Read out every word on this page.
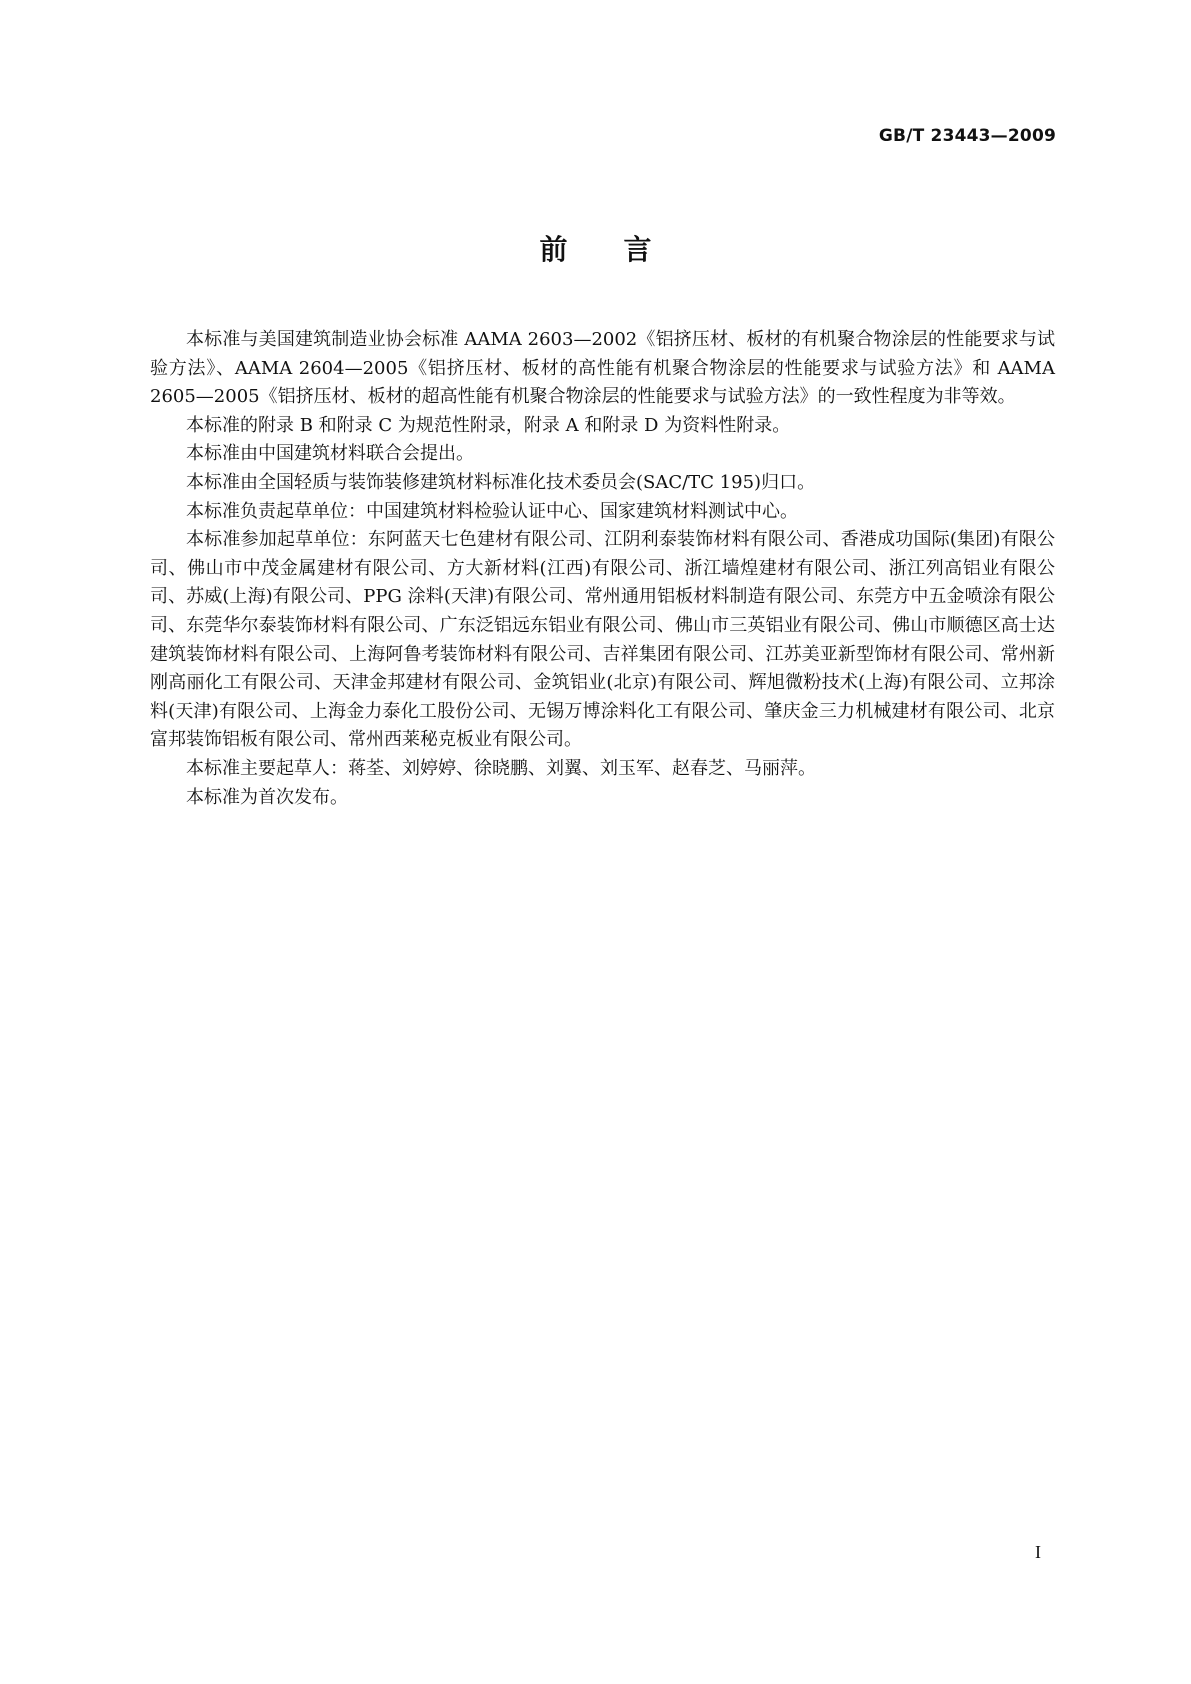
GB/T 23443—2009
前言

本标准与美国建筑制造业协会标准 AAMA 2603—2002《铝挤压材、板材的有机聚合物涂层的性能要求与试验方法》、AAMA 2604—2005《铝挤压材、板材的高性能有机聚合物涂层的性能要求与试验方法》和 AAMA 2605—2005《铝挤压材、板材的超高性能有机聚合物涂层的性能要求与试验方法》的一致性程度为非等效。

本标准的附录 B 和附录 C 为规范性附录，附录 A 和附录 D 为资料性附录。

本标准由中国建筑材料联合会提出。

本标准由全国轻质与装饰装修建筑材料标准化技术委员会(SAC/TC 195)归口。

本标准负责起草单位：中国建筑材料检验认证中心、国家建筑材料测试中心。

本标准参加起草单位：东阿蓝天七色建材有限公司、江阴利泰装饰材料有限公司、香港成功国际(集团)有限公司、佛山市中茂金属建材有限公司、方大新材料(江西)有限公司、浙江墙煌建材有限公司、浙江列高铝业有限公司、苏威(上海)有限公司、PPG 涂料(天津)有限公司、常州通用铝板材料制造有限公司、东莞方中五金喷涂有限公司、东莞华尔泰装饰材料有限公司、广东泛铝远东铝业有限公司、佛山市三英铝业有限公司、佛山市顺德区高士达建筑装饰材料有限公司、上海阿鲁考装饰材料有限公司、吉祥集团有限公司、江苏美亚新型饰材有限公司、常州新刚高丽化工有限公司、天津金邦建材有限公司、金筑铝业(北京)有限公司、辉旭微粉技术(上海)有限公司、立邦涂料(天津)有限公司、上海金力泰化工股份公司、无锡万博涂料化工有限公司、肇庆金三力机械建材有限公司、北京富邦装饰铝板有限公司、常州西莱秘克板业有限公司。

本标准主要起草人：蒋荃、刘婷婷、徐晓鹏、刘翼、刘玉军、赵春芝、马丽萍。

本标准为首次发布。

I
